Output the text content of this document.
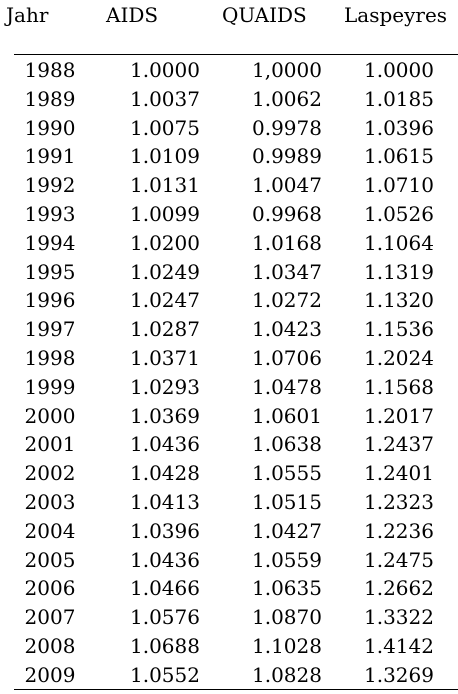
Jahr	AIDS	QUAIDS	Laspeyres
1988	1.0000	1,0000	1.0000
1989	1.0037	1.0062	1.0185
1990	1.0075	0.9978	1.0396
1991	1.0109	0.9989	1.0615
1992	1.0131	1.0047	1.0710
1993	1.0099	0.9968	1.0526
1994	1.0200	1.0168	1.1064
1995	1.0249	1.0347	1.1319
1996	1.0247	1.0272	1.1320
1997	1.0287	1.0423	1.1536
1998	1.0371	1.0706	1.2024
1999	1.0293	1.0478	1.1568
2000	1.0369	1.0601	1.2017
2001	1.0436	1.0638	1.2437
2002	1.0428	1.0555	1.2401
2003	1.0413	1.0515	1.2323
2004	1.0396	1.0427	1.2236
2005	1.0436	1.0559	1.2475
2006	1.0466	1.0635	1.2662
2007	1.0576	1.0870	1.3322
2008	1.0688	1.1028	1.4142
2009	1.0552	1.0828	1.3269
